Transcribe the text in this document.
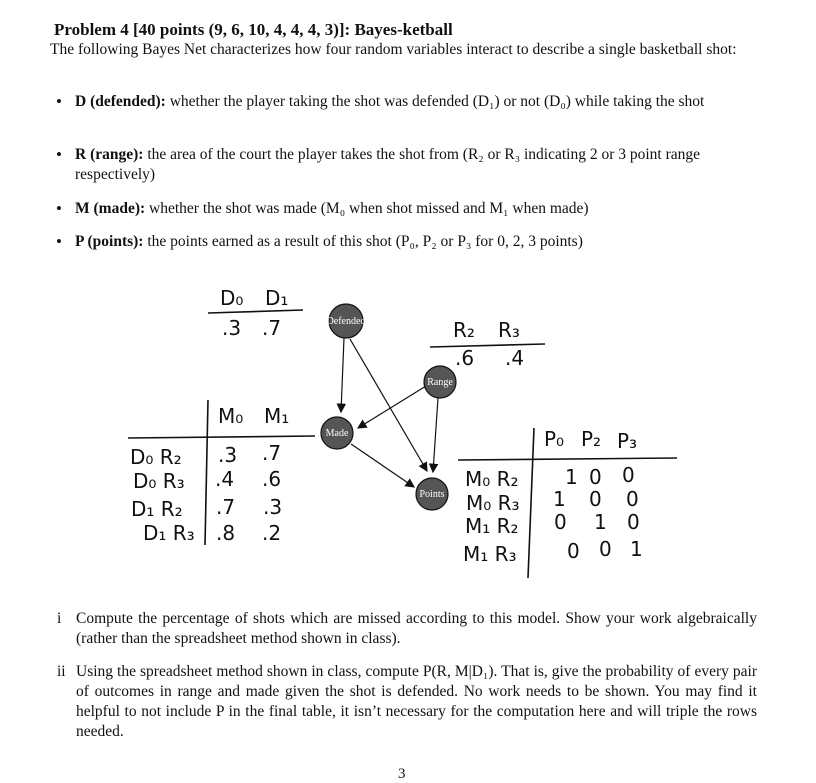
Problem 4 [40 points (9, 6, 10, 4, 4, 4, 3)]: Bayes-ketball
The following Bayes Net characterizes how four random variables interact to describe a single basketball shot:
• D (defended): whether the player taking the shot was defended (D₁) or not (D₀) while taking the shot
• R (range): the area of the court the player takes the shot from (R₂ or R₃ indicating 2 or 3 point range respectively)
• M (made): whether the shot was made (M₀ when shot missed and M₁ when made)
• P (points): the points earned as a result of this shot (P₀, P₂ or P₃ for 0, 2, 3 points)
D₀ D₁
.3 .7	R₂ R₃
.6 .4
M₀ M₁
D₀ R₂ .3 .7
D₀ R₃ .4 .6
D₁ R₂ .7 .3
D₁ R₃ .8 .2
P₀ P₂ P₃
M₀ R₂ 1 0 0
M₀ R₃ 1 0 0
M₁ R₂ 0 1 0
M₁ R₃	0 0 1
Defended
Range
Made
Points
i Compute the percentage of shots which are missed according to this model. Show your work algebraically (rather than the spreadsheet method shown in class).
ii Using the spreadsheet method shown in class, compute P(R, M|D₁). That is, give the probability of every pair of outcomes in range and made given the shot is defended. No work needs to be shown. You may find it helpful to not include P in the final table, it isn’t necessary for the computation here and will triple the rows needed.
3
